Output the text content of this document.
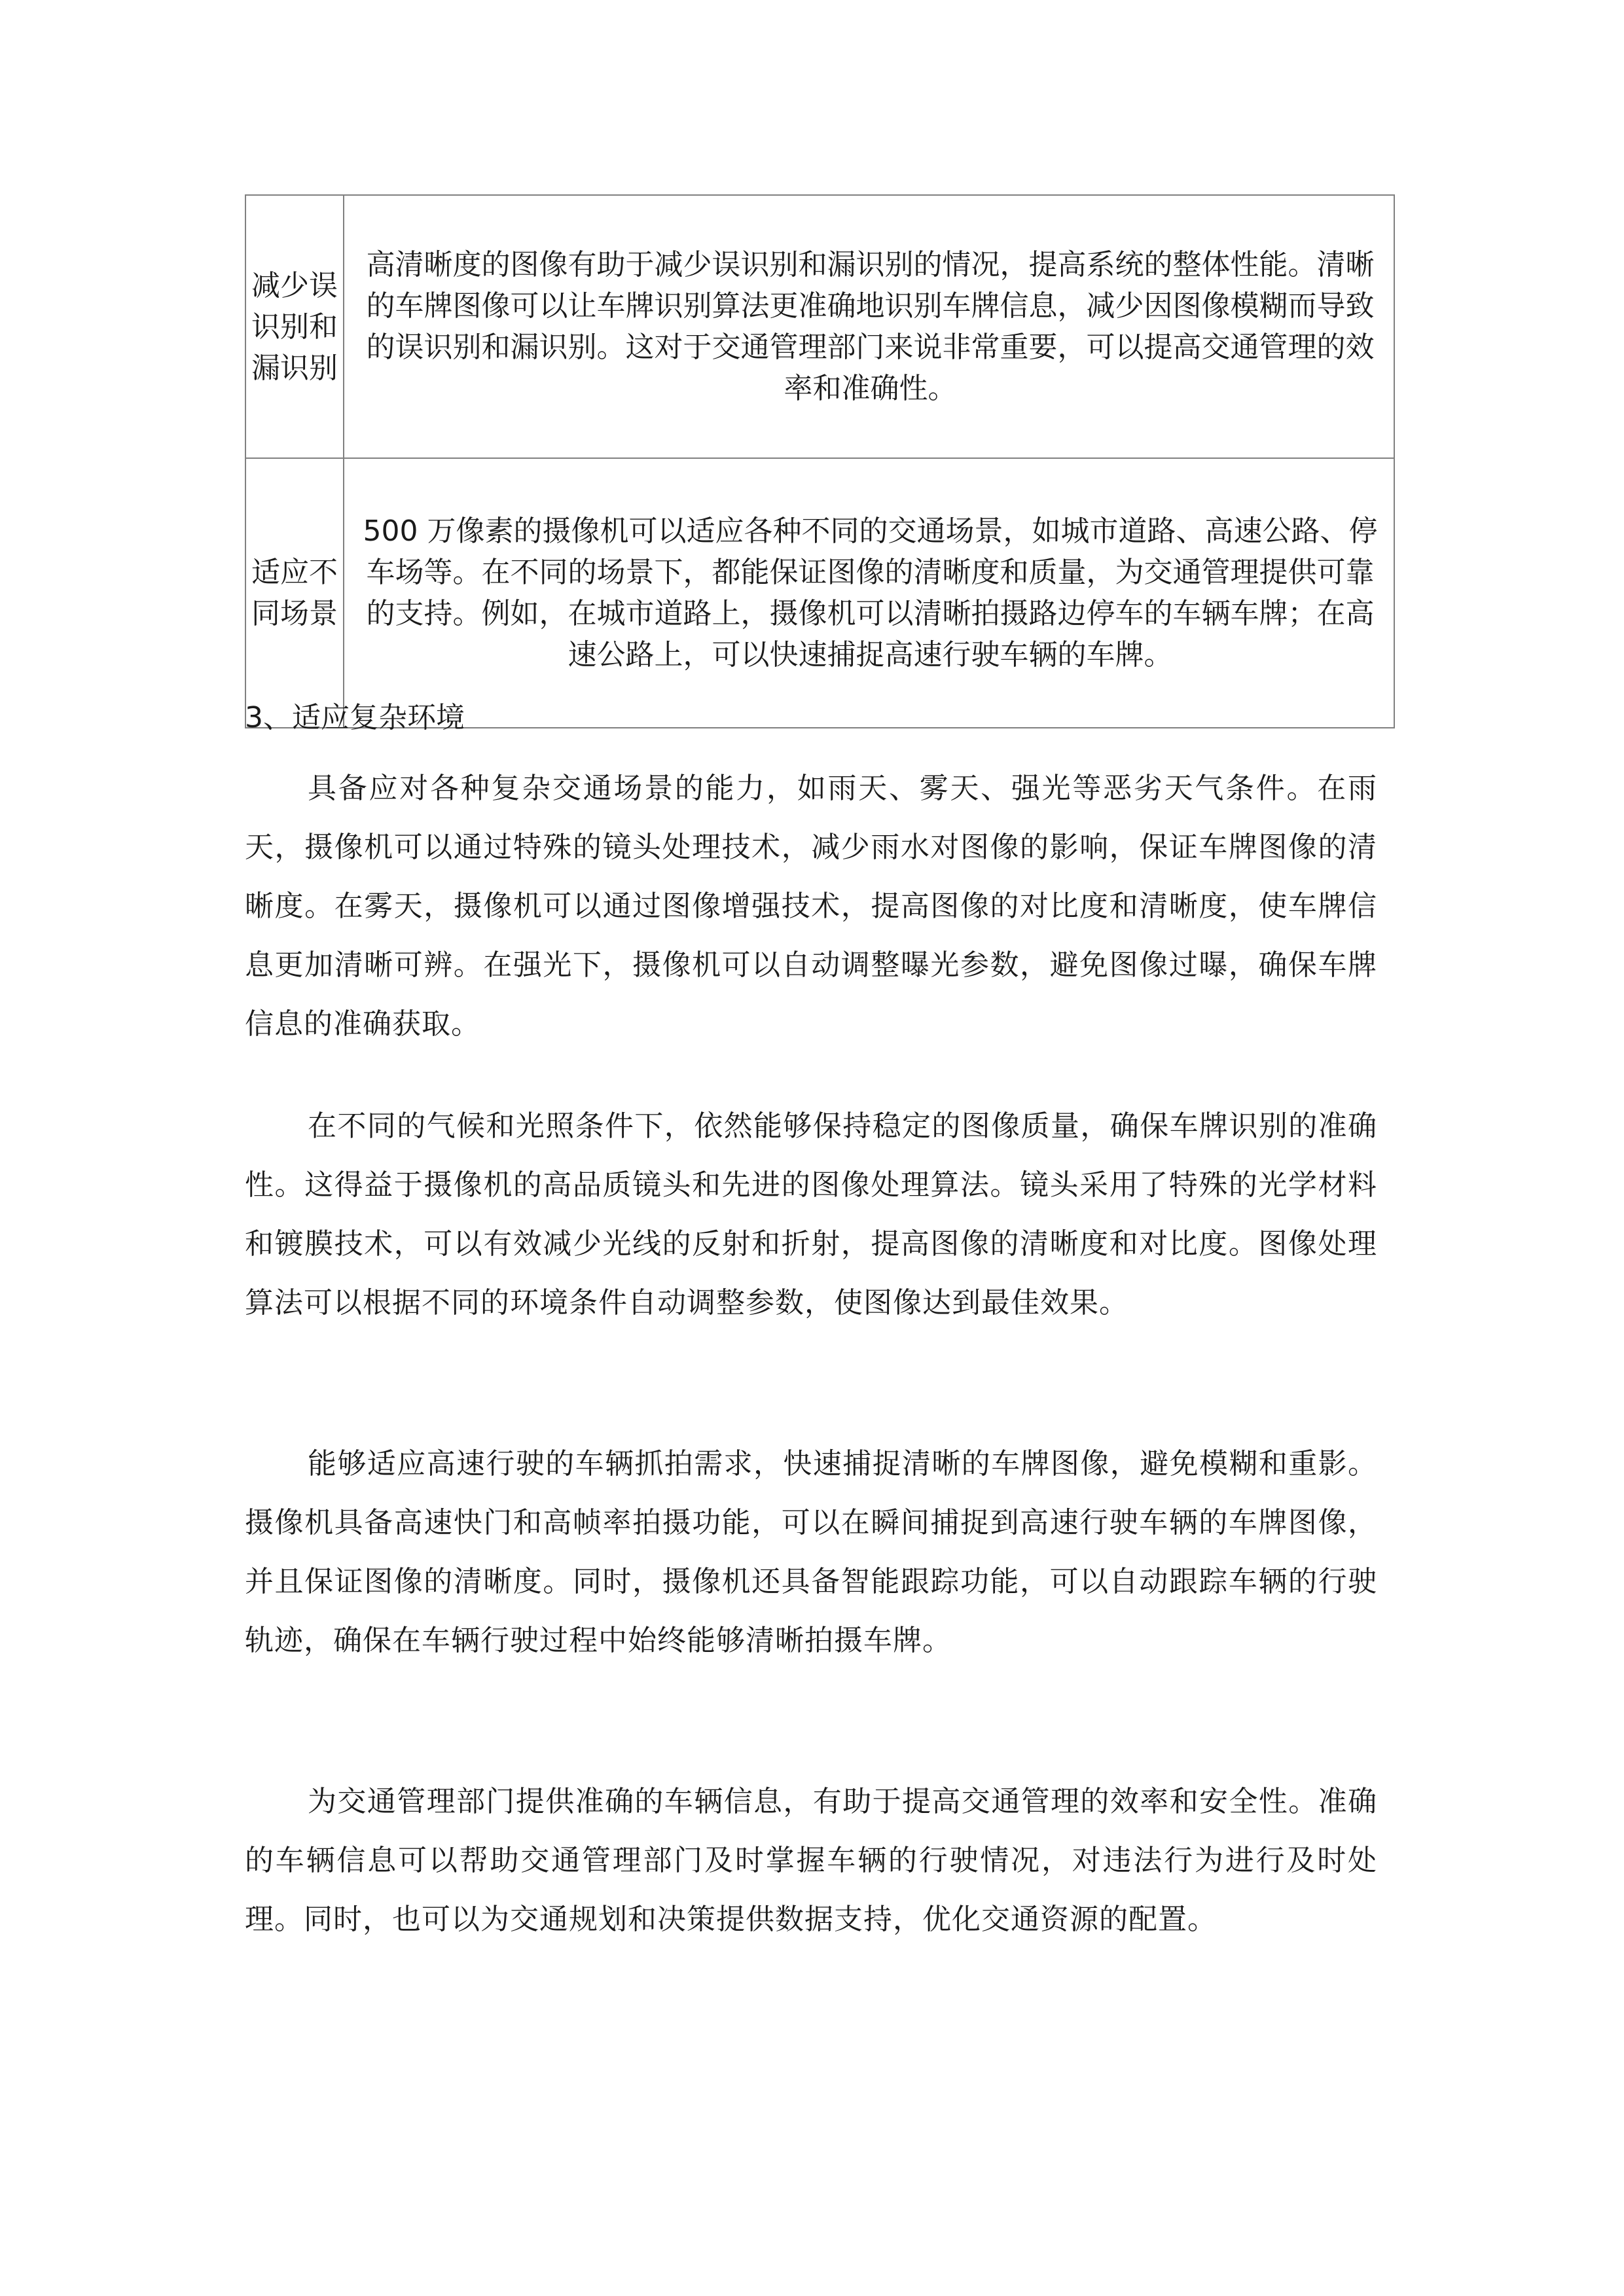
减少误识别和漏识别	高清晰度的图像有助于减少误识别和漏识别的情况，提高系统的整体性能。清晰的车牌图像可以让车牌识别算法更准确地识别车牌信息，减少因图像模糊而导致的误识别和漏识别。这对于交通管理部门来说非常重要，可以提高交通管理的效率和准确性。
适应不同场景	500 万像素的摄像机可以适应各种不同的交通场景，如城市道路、高速公路、停车场等。在不同的场景下，都能保证图像的清晰度和质量，为交通管理提供可靠的支持。例如，在城市道路上，摄像机可以清晰拍摄路边停车的车辆车牌；在高速公路上，可以快速捕捉高速行驶车辆的车牌。
3、适应复杂环境

具备应对各种复杂交通场景的能力，如雨天、雾天、强光等恶劣天气条件。在雨天，摄像机可以通过特殊的镜头处理技术，减少雨水对图像的影响，保证车牌图像的清晰度。在雾天，摄像机可以通过图像增强技术，提高图像的对比度和清晰度，使车牌信息更加清晰可辨。在强光下，摄像机可以自动调整曝光参数，避免图像过曝，确保车牌信息的准确获取。

在不同的气候和光照条件下，依然能够保持稳定的图像质量，确保车牌识别的准确性。这得益于摄像机的高品质镜头和先进的图像处理算法。镜头采用了特殊的光学材料和镀膜技术，可以有效减少光线的反射和折射，提高图像的清晰度和对比度。图像处理算法可以根据不同的环境条件自动调整参数，使图像达到最佳效果。

能够适应高速行驶的车辆抓拍需求，快速捕捉清晰的车牌图像，避免模糊和重影。摄像机具备高速快门和高帧率拍摄功能，可以在瞬间捕捉到高速行驶车辆的车牌图像，并且保证图像的清晰度。同时，摄像机还具备智能跟踪功能，可以自动跟踪车辆的行驶轨迹，确保在车辆行驶过程中始终能够清晰拍摄车牌。

为交通管理部门提供准确的车辆信息，有助于提高交通管理的效率和安全性。准确的车辆信息可以帮助交通管理部门及时掌握车辆的行驶情况，对违法行为进行及时处理。同时，也可以为交通规划和决策提供数据支持，优化交通资源的配置。
